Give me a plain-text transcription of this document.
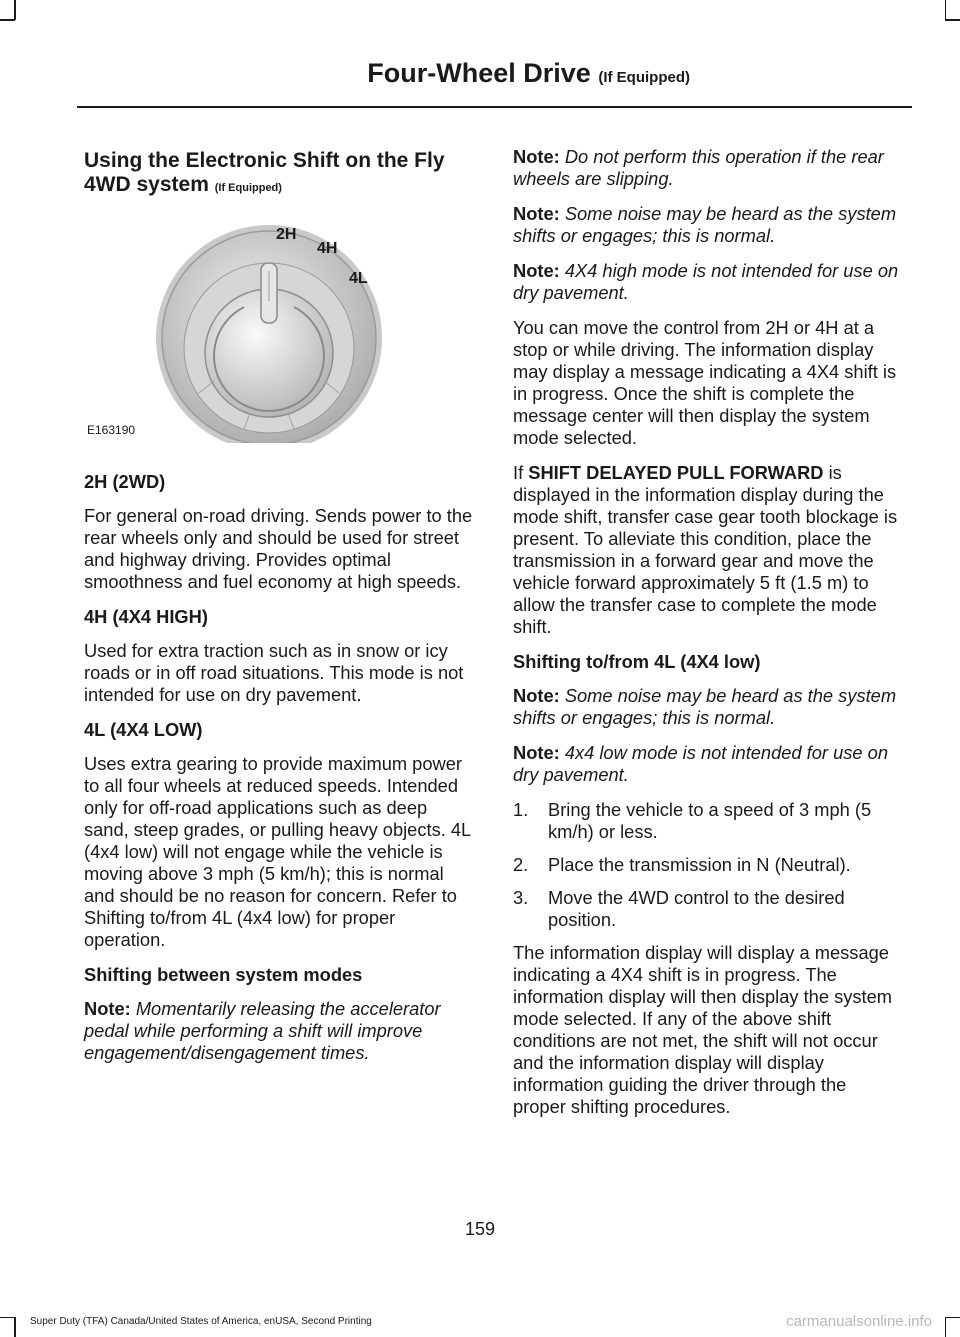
Four-Wheel Drive (If Equipped)
Using the Electronic Shift on the Fly 4WD system (If Equipped)
2H
4H
4L
E163190
2H (2WD)

For general on-road driving. Sends power to the rear wheels only and should be used for street and highway driving. Provides optimal smoothness and fuel economy at high speeds.

4H (4X4 HIGH)

Used for extra traction such as in snow or icy roads or in off road situations. This mode is not intended for use on dry pavement.

4L (4X4 LOW)

Uses extra gearing to provide maximum power to all four wheels at reduced speeds. Intended only for off-road applications such as deep sand, steep grades, or pulling heavy objects. 4L (4x4 low) will not engage while the vehicle is moving above 3 mph (5 km/h); this is normal and should be no reason for concern. Refer to Shifting to/from 4L (4x4 low) for proper operation.

Shifting between system modes

Note: Momentarily releasing the accelerator pedal while performing a shift will improve engagement/disengagement times.

Note: Do not perform this operation if the rear wheels are slipping.

Note: Some noise may be heard as the system shifts or engages; this is normal.

Note: 4X4 high mode is not intended for use on dry pavement.

You can move the control from 2H or 4H at a stop or while driving. The information display may display a message indicating a 4X4 shift is in progress. Once the shift is complete the message center will then display the system mode selected.

If SHIFT DELAYED PULL FORWARD is displayed in the information display during the mode shift, transfer case gear tooth blockage is present. To alleviate this condition, place the transmission in a forward gear and move the vehicle forward approximately 5 ft (1.5 m) to allow the transfer case to complete the mode shift.

Shifting to/from 4L (4X4 low)

Note: Some noise may be heard as the system shifts or engages; this is normal.

Note: 4x4 low mode is not intended for use on dry pavement.

1.	Bring the vehicle to a speed of 3 mph (5 km/h) or less.
2.	Place the transmission in N (Neutral).
3.	Move the 4WD control to the desired position.

The information display will display a message indicating a 4X4 shift is in progress. The information display will then display the system mode selected. If any of the above shift conditions are not met, the shift will not occur and the information display will display information guiding the driver through the proper shifting procedures.

159
Super Duty (TFA) Canada/United States of America, enUSA, Second Printing	carmanualsonline.info
